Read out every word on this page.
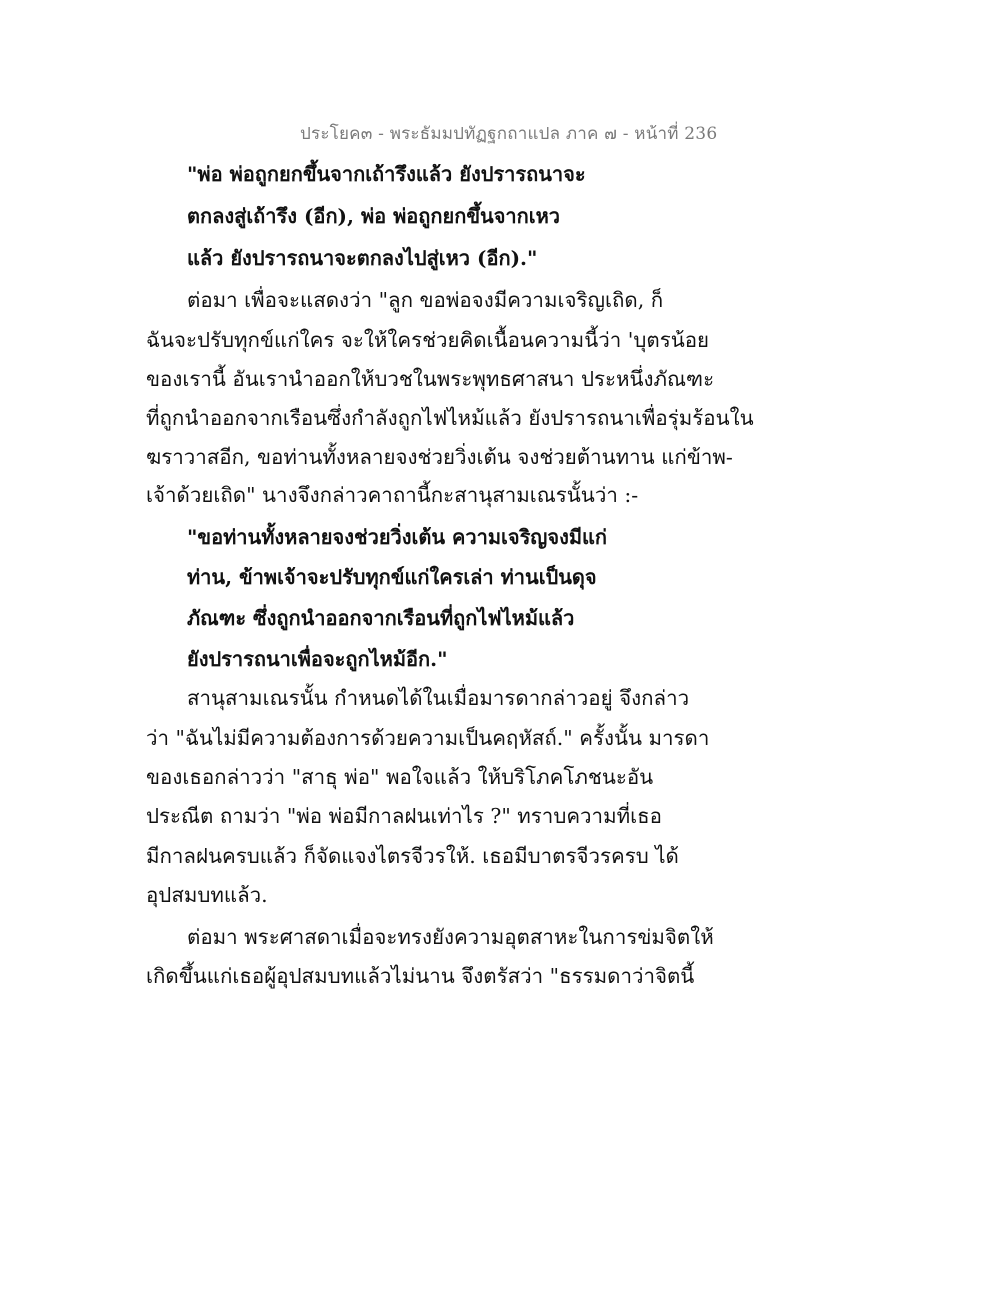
ประโยค๓ - พระธัมมปทัฏฐกถาแปล ภาค ๗ - หน้าที่ 236
"พ่อ พ่อถูกยกขึ้นจากเถ้ารึงแล้ว ยังปรารถนาจะ
ตกลงสู่เถ้ารึง (อีก), พ่อ พ่อถูกยกขึ้นจากเหว
แล้ว ยังปรารถนาจะตกลงไปสู่เหว (อีก)."
ต่อมา เพื่อจะแสดงว่า "ลูก ขอพ่อจงมีความเจริญเถิด, ก็
ฉันจะปรับทุกข์แก่ใคร จะให้ใครช่วยคิดเนื้อนความนี้ว่า 'บุตรน้อย
ของเรานี้ อันเรานำออกให้บวชในพระพุทธศาสนา ประหนึ่งภัณฑะ
ที่ถูกนำออกจากเรือนซึ่งกำลังถูกไฟไหม้แล้ว ยังปรารถนาเพื่อรุ่มร้อนใน
ฆราวาสอีก, ขอท่านทั้งหลายจงช่วยวิ่งเต้น จงช่วยต้านทาน แก่ข้าพ-
เจ้าด้วยเถิด" นางจึงกล่าวคาถานี้กะสานุสามเณรนั้นว่า :-
"ขอท่านทั้งหลายจงช่วยวิ่งเต้น ความเจริญจงมีแก่
ท่าน, ข้าพเจ้าจะปรับทุกข์แก่ใครเล่า ท่านเป็นดุจ
ภัณฑะ ซึ่งถูกนำออกจากเรือนที่ถูกไฟไหม้แล้ว
ยังปรารถนาเพื่อจะถูกไหม้อีก."
สานุสามเณรนั้น กำหนดได้ในเมื่อมารดากล่าวอยู่ จึงกล่าว
ว่า "ฉันไม่มีความต้องการด้วยความเป็นคฤหัสถ์." ครั้งนั้น มารดา
ของเธอกล่าวว่า "สาธุ พ่อ" พอใจแล้ว ให้บริโภคโภชนะอัน
ประณีต ถามว่า "พ่อ พ่อมีกาลฝนเท่าไร ?" ทราบความที่เธอ
มีกาลฝนครบแล้ว ก็จัดแจงไตรจีวรให้. เธอมีบาตรจีวรครบ ได้
อุปสมบทแล้ว.
ต่อมา พระศาสดาเมื่อจะทรงยังความอุตสาหะในการข่มจิตให้
เกิดขึ้นแก่เธอผู้อุปสมบทแล้วไม่นาน จึงตรัสว่า "ธรรมดาว่าจิตนี้
